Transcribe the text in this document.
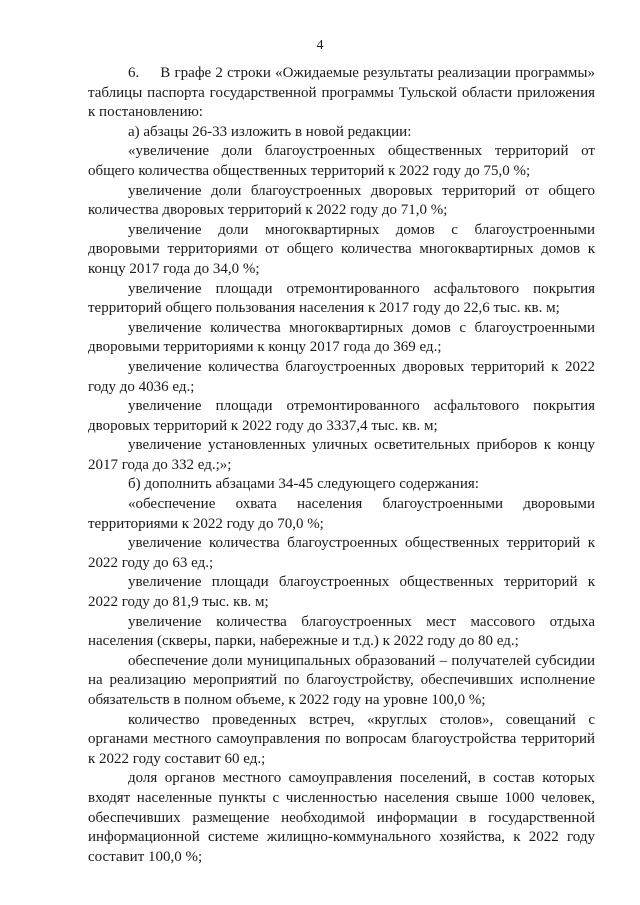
4

6.     В графе 2 строки «Ожидаемые результаты реализации программы» таблицы паспорта государственной программы Тульской области приложения к постановлению:

а) абзацы 26-33 изложить в новой редакции:

«увеличение доли благоустроенных общественных территорий от общего количества общественных территорий к 2022 году до 75,0 %;

увеличение доли благоустроенных дворовых территорий от общего количества дворовых территорий к 2022 году до 71,0 %;

увеличение доли многоквартирных домов с благоустроенными дворовыми территориями от общего количества многоквартирных домов к концу 2017 года до 34,0 %;

увеличение площади отремонтированного асфальтового покрытия территорий общего пользования населения к 2017 году до 22,6 тыс. кв. м;

увеличение количества многоквартирных домов с благоустроенными дворовыми территориями к концу 2017 года до 369 ед.;

увеличение количества благоустроенных дворовых территорий к 2022 году до 4036 ед.;

увеличение площади отремонтированного асфальтового покрытия дворовых территорий к 2022 году до 3337,4 тыс. кв. м;

увеличение установленных уличных осветительных приборов к концу 2017 года до 332 ед.;»;

б) дополнить абзацами 34-45 следующего содержания:

«обеспечение охвата населения благоустроенными дворовыми территориями к 2022 году до 70,0 %;

увеличение количества благоустроенных общественных территорий к 2022 году до 63 ед.;

увеличение площади благоустроенных общественных территорий к 2022 году до 81,9 тыс. кв. м;

увеличение количества благоустроенных мест массового отдыха населения (скверы, парки, набережные и т.д.) к 2022 году до 80 ед.;

обеспечение доли муниципальных образований – получателей субсидии на реализацию мероприятий по благоустройству, обеспечивших исполнение обязательств в полном объеме, к 2022 году на уровне 100,0 %;

количество проведенных встреч, «круглых столов», совещаний с органами местного самоуправления по вопросам благоустройства территорий к 2022 году составит 60 ед.;

доля органов местного самоуправления поселений, в состав которых входят населенные пункты с численностью населения свыше 1000 человек, обеспечивших размещение необходимой информации в государственной информационной системе жилищно-коммунального хозяйства, к 2022 году составит 100,0 %;
